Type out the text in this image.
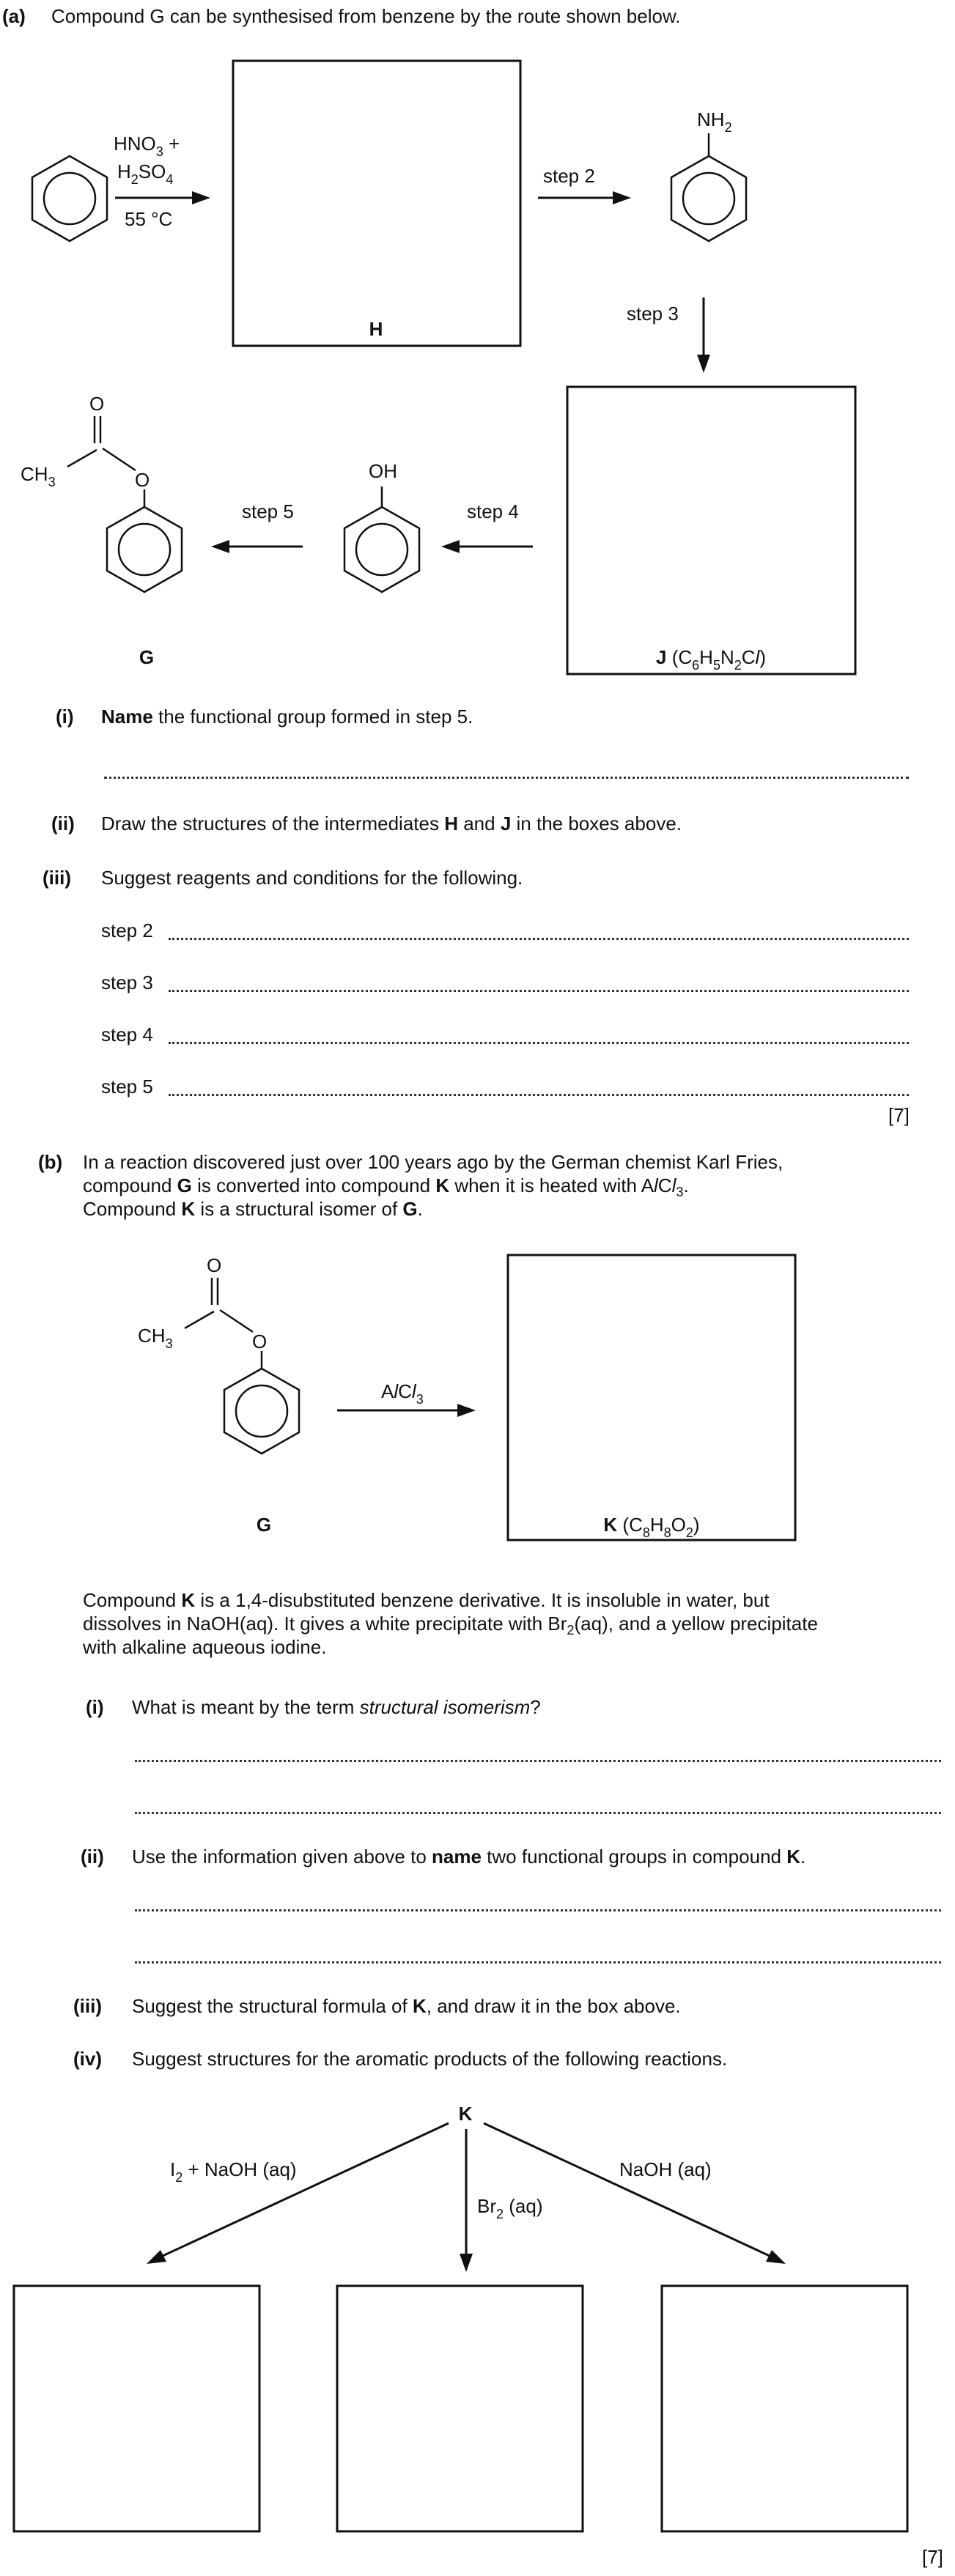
(a) Compound G can be synthesised from benzene by the route shown below.
$HNO_3$ +
$H_2SO_4$
55 °C
H
step 2
$NH_2$
step 3
J $(C_6H_5N_2Cl)$
step 4
OH
step 5
O
O
$CH_3$
G
(i) Name the functional group formed in step 5.
(ii) Draw the structures of the intermediates H and J in the boxes above.
(iii) Suggest reagents and conditions for the following.
step 2
step 3
step 4
step 5
[7]
(b) In a reaction discovered just over 100 years ago by the German chemist Karl Fries,
compound G is converted into compound K when it is heated with AlCl$_3$.
Compound K is a structural isomer of G.
O
O
$CH_3$
AlCl$_3$
K $(C_8H_8O_2)$
G
Compound K is a 1,4-disubstituted benzene derivative. It is insoluble in water, but
dissolves in NaOH(aq). It gives a white precipitate with $Br_2(aq)$, and a yellow precipitate
with alkaline aqueous iodine.
(i) What is meant by the term structural isomerism?
(ii) Use the information given above to name two functional groups in compound K.
(iii) Suggest the structural formula of K, and draw it in the box above.
(iv) Suggest structures for the aromatic products of the following reactions.
K
$I_2$ + NaOH (aq)
$Br_2$ (aq)
NaOH (aq)
[7]
